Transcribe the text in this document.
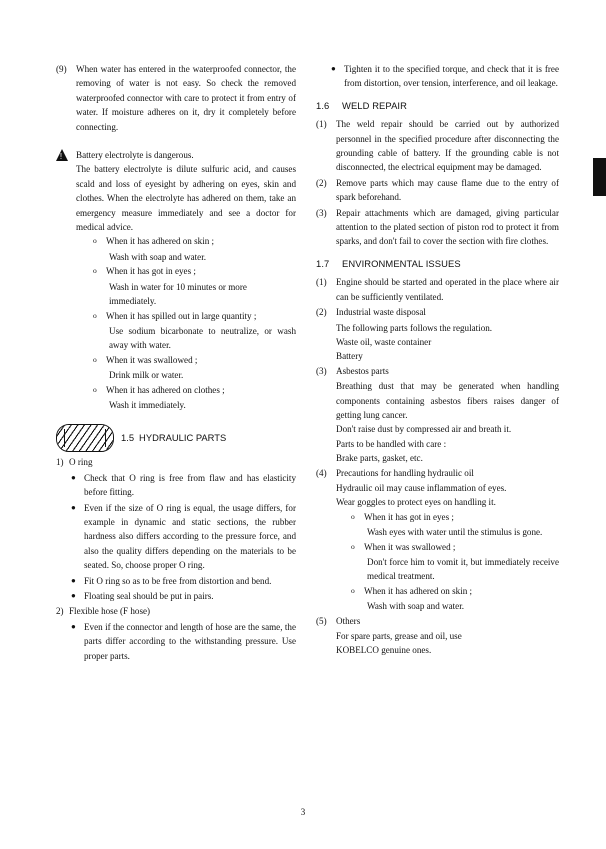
(9)	When water has entered in the waterproofed connector, the removing of water is not easy. So check the removed waterproofed connector with care to protect it from entry of water. If moisture adheres on it, dry it completely before connecting.
!
Battery electrolyte is dangerous.
The battery electrolyte is dilute sulfuric acid, and causes scald and loss of eyesight by adhering on eyes, skin and clothes. When the electrolyte has adhered on them, take an emergency measure immediately and see a doctor for medical advice.
o	When it has adhered on skin ;
Wash with soap and water.
o	When it has got in eyes ;
Wash in water for 10 minutes or more immediately.
o	When it has spilled out in large quantity ;
Use sodium bicarbonate to neutralize, or wash away with water.
o	When it was swallowed ;
Drink milk or water.
o	When it has adhered on clothes ;
Wash it immediately.
1.5 HYDRAULIC PARTS
1) O ring
● Check that O ring is free from flaw and has elasticity before fitting.
● Even if the size of O ring is equal, the usage differs, for example in dynamic and static sections, the rubber hardness also differs according to the pressure force, and also the quality differs depending on the materials to be seated. So, choose proper O ring.
● Fit O ring so as to be free from distortion and bend.
● Floating seal should be put in pairs.
2) Flexible hose (F hose)
● Even if the connector and length of hose are the same, the parts differ according to the withstanding pressure. Use proper parts.
● Tighten it to the specified torque, and check that it is free from distortion, over tension, interference, and oil leakage.
1.6	WELD REPAIR
(1)	The weld repair should be carried out by authorized personnel in the specified procedure after disconnecting the grounding cable of battery. If the grounding cable is not disconnected, the electrical equipment may be damaged.
(2)	Remove parts which may cause flame due to the entry of spark beforehand.
(3)	Repair attachments which are damaged, giving particular attention to the plated section of piston rod to protect it from sparks, and don't fail to cover the section with fire clothes.
1.7	ENVIRONMENTAL ISSUES
(1)	Engine should be started and operated in the place where air can be sufficiently ventilated.
(2)	Industrial waste disposal
The following parts follows the regulation.
Waste oil, waste container
Battery
(3)	Asbestos parts
Breathing dust that may be generated when handling components containing asbestos fibers raises danger of getting lung cancer.
Don't raise dust by compressed air and breath it.
Parts to be handled with care :
Brake parts, gasket, etc.
(4)	Precautions for handling hydraulic oil
Hydraulic oil may cause inflammation of eyes.
Wear goggles to protect eyes on handling it.
o	When it has got in eyes ;
Wash eyes with water until the stimulus is gone.
o	When it was swallowed ;
Don't force him to vomit it, but immediately receive medical treatment.
o	When it has adhered on skin ;
Wash with soap and water.
(5)	Others
For spare parts, grease and oil, use
KOBELCO genuine ones.
3
